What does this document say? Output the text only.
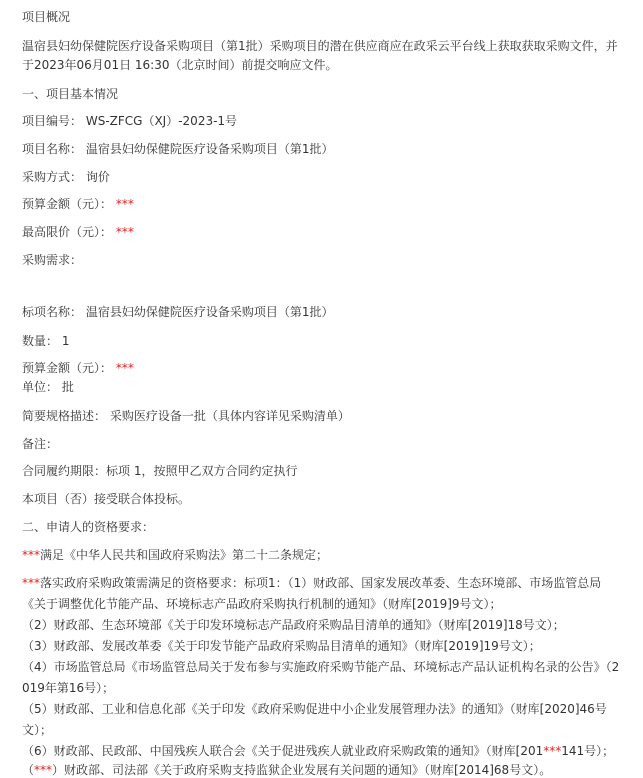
项目概况
温宿县妇幼保健院医疗设备采购项目（第1批）采购项目的潜在供应商应在政采云平台线上获取获取采购文件，并
于2023年06月01日 16:30（北京时间）前提交响应文件。
一、项目基本情况
项目编号： WS-ZFCG（XJ）-2023-1号
项目名称： 温宿县妇幼保健院医疗设备采购项目（第1批）
采购方式： 询价
预算金额（元）： ***
最高限价（元）： ***
采购需求：
标项名称： 温宿县妇幼保健院医疗设备采购项目（第1批）
数量： 1
预算金额（元）： ***
单位： 批
简要规格描述： 采购医疗设备一批（具体内容详见采购清单）
备注：
合同履约期限：标项 1，按照甲乙双方合同约定执行
本项目（否）接受联合体投标。
二、申请人的资格要求：
***满足《中华人民共和国政府采购法》第二十二条规定；
***落实政府采购政策需满足的资格要求：标项1：（1）财政部、国家发展改革委、生态环境部、市场监管总局
《关于调整优化节能产品、环境标志产品政府采购执行机制的通知》（财库[2019]9号文）；
（2）财政部、生态环境部《关于印发环境标志产品政府采购品目清单的通知》（财库[2019]18号文）；
（3）财政部、发展改革委《关于印发节能产品政府采购品目清单的通知》（财库[2019]19号文）；
（4）市场监管总局《市场监管总局关于发布参与实施政府采购节能产品、环境标志产品认证机构名录的公告》（2
019年第16号）；
（5）财政部、工业和信息化部《关于印发《政府采购促进中小企业发展管理办法》的通知》（财库[2020]46号
文）；
（6）财政部、民政部、中国残疾人联合会《关于促进残疾人就业政府采购政策的通知》（财库[201***141号）；
（***）财政部、司法部《关于政府采购支持监狱企业发展有关问题的通知》（财库[2014]68号文）。
